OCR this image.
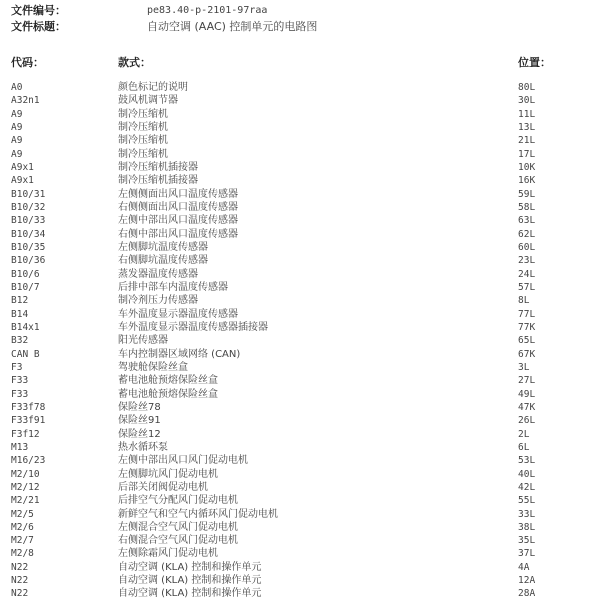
文件编号：	pe83.40-p-2101-97raa
文件标题：	自动空调 (AAC) 控制单元的电路图
代码：	款式：	位置：
A0	颜色标记的说明	80L
A32n1	鼓风机调节器	30L
A9	制冷压缩机	11L
A9	制冷压缩机	13L
A9	制冷压缩机	21L
A9	制冷压缩机	17L
A9x1	制冷压缩机插接器	10K
A9x1	制冷压缩机插接器	16K
B10/31	左侧侧面出风口温度传感器	59L
B10/32	右侧侧面出风口温度传感器	58L
B10/33	左侧中部出风口温度传感器	63L
B10/34	右侧中部出风口温度传感器	62L
B10/35	左侧脚坑温度传感器	60L
B10/36	右侧脚坑温度传感器	23L
B10/6	蒸发器温度传感器	24L
B10/7	后排中部车内温度传感器	57L
B12	制冷剂压力传感器	8L
B14	车外温度显示器温度传感器	77L
B14x1	车外温度显示器温度传感器插接器	77K
B32	阳光传感器	65L
CAN B	车内控制器区域网络 (CAN)	67K
F3	驾驶舱保险丝盒	3L
F33	蓄电池舱预熔保险丝盒	27L
F33	蓄电池舱预熔保险丝盒	49L
F33f78	保险丝78	47K
F33f91	保险丝91	26L
F3f12	保险丝12	2L
M13	热水循环泵	6L
M16/23	左侧中部出风口风门促动电机	53L
M2/10	左侧脚坑风门促动电机	40L
M2/12	后部关闭阀促动电机	42L
M2/21	后排空气分配风门促动电机	55L
M2/5	新鲜空气和空气内循环风门促动电机	33L
M2/6	左侧混合空气风门促动电机	38L
M2/7	右侧混合空气风门促动电机	35L
M2/8	左侧除霜风门促动电机	37L
N22	自动空调 (KLA) 控制和操作单元	4A
N22	自动空调 (KLA) 控制和操作单元	12A
N22	自动空调 (KLA) 控制和操作单元	28A
